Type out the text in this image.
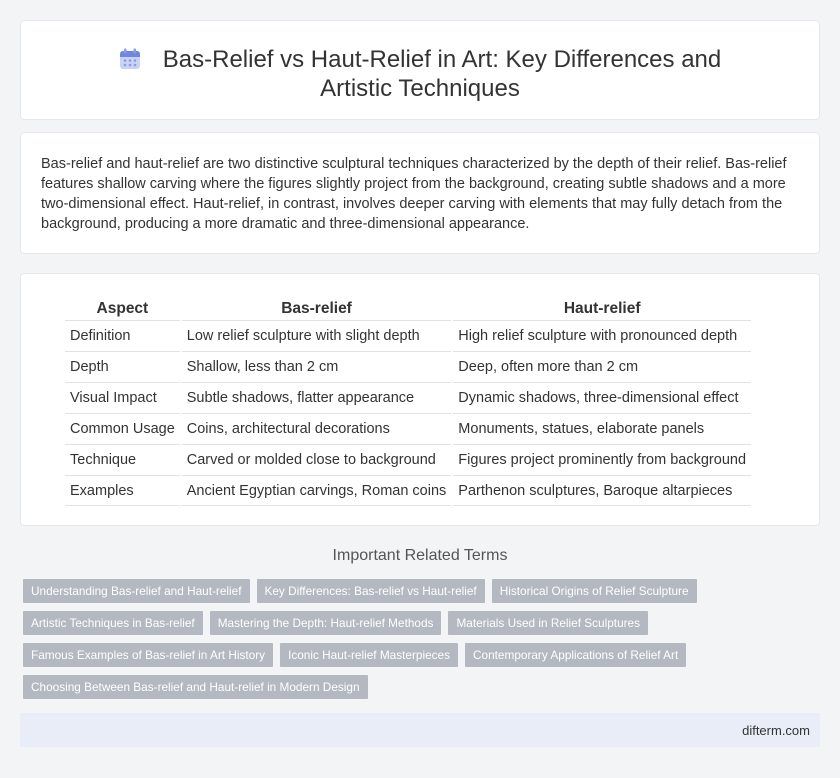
Bas-Relief vs Haut-Relief in Art: Key Differences and Artistic Techniques

Bas-relief and haut-relief are two distinctive sculptural techniques characterized by the depth of their relief. Bas-relief features shallow carving where the figures slightly project from the background, creating subtle shadows and a more two-dimensional effect. Haut-relief, in contrast, involves deeper carving with elements that may fully detach from the background, producing a more dramatic and three-dimensional appearance.

Aspect	Bas-relief	Haut-relief
Definition	Low relief sculpture with slight depth	High relief sculpture with pronounced depth
Depth	Shallow, less than 2 cm	Deep, often more than 2 cm
Visual Impact	Subtle shadows, flatter appearance	Dynamic shadows, three-dimensional effect
Common Usage	Coins, architectural decorations	Monuments, statues, elaborate panels
Technique	Carved or molded close to background	Figures project prominently from background
Examples	Ancient Egyptian carvings, Roman coins	Parthenon sculptures, Baroque altarpieces
Important Related Terms
Understanding Bas-relief and Haut-relief	Key Differences: Bas-relief vs Haut-relief	Historical Origins of Relief Sculpture
Artistic Techniques in Bas-relief	Mastering the Depth: Haut-relief Methods	Materials Used in Relief Sculptures
Famous Examples of Bas-relief in Art History	Iconic Haut-relief Masterpieces	Contemporary Applications of Relief Art
Choosing Between Bas-relief and Haut-relief in Modern Design
difterm.com
